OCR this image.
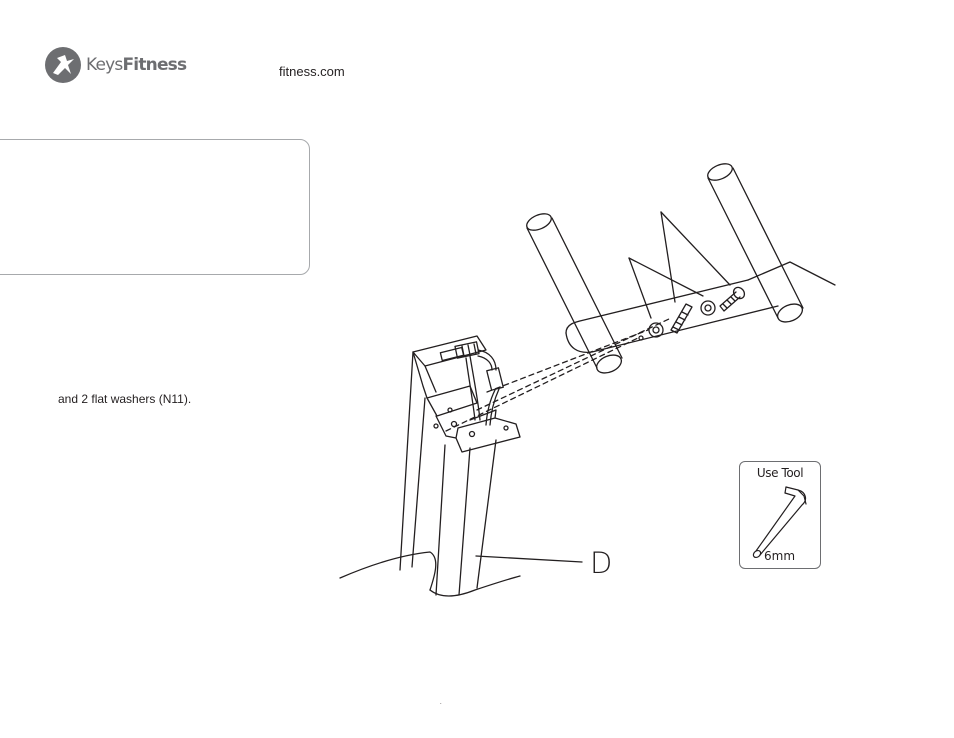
KeysFitness	fitness.com
and 2 flat washers (N11).
D
Use Tool
6mm
.
